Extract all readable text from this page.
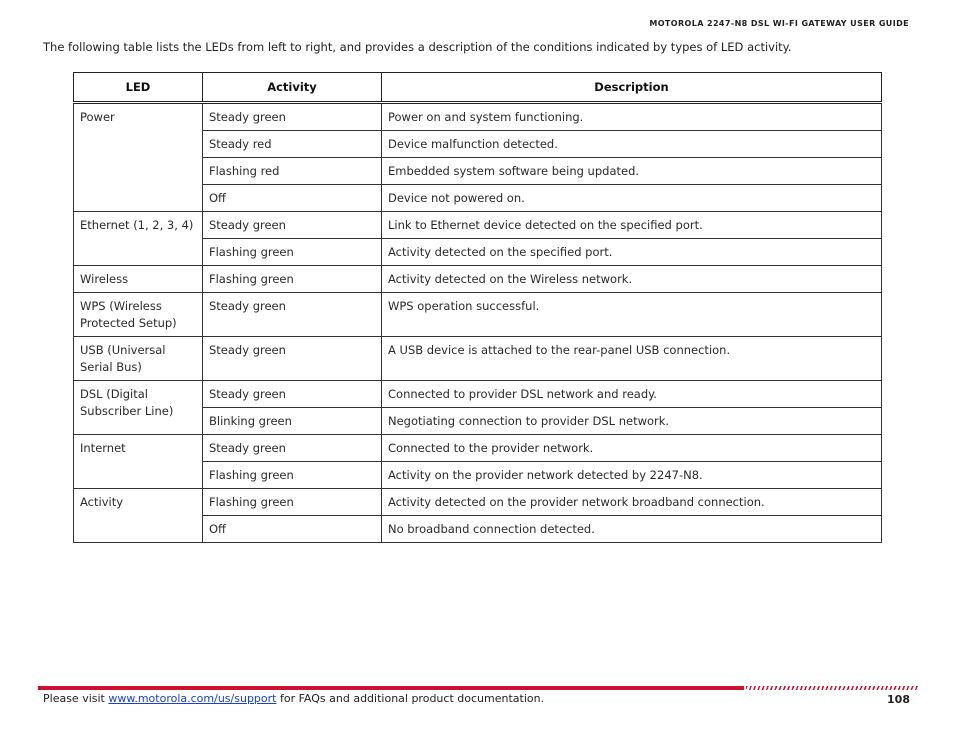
MOTOROLA 2247-N8 DSL WI-FI GATEWAY USER GUIDE

The following table lists the LEDs from left to right, and provides a description of the conditions indicated by types of LED activity.

LED	Activity	Description
Power	Steady green	Power on and system functioning.
	Steady red	Device malfunction detected.
	Flashing red	Embedded system software being updated.
	Off	Device not powered on.
Ethernet (1, 2, 3, 4)	Steady green	Link to Ethernet device detected on the specified port.
	Flashing green	Activity detected on the specified port.
Wireless	Flashing green	Activity detected on the Wireless network.
WPS (Wireless Protected Setup)	Steady green	WPS operation successful.
USB (Universal Serial Bus)	Steady green	A USB device is attached to the rear-panel USB connection.
DSL (Digital Subscriber Line)	Steady green	Connected to provider DSL network and ready.
	Blinking green	Negotiating connection to provider DSL network.
Internet	Steady green	Connected to the provider network.
	Flashing green	Activity on the provider network detected by 2247-N8.
Activity	Flashing green	Activity detected on the provider network broadband connection.
	Off	No broadband connection detected.
Please visit www.motorola.com/us/support for FAQs and additional product documentation.	108
